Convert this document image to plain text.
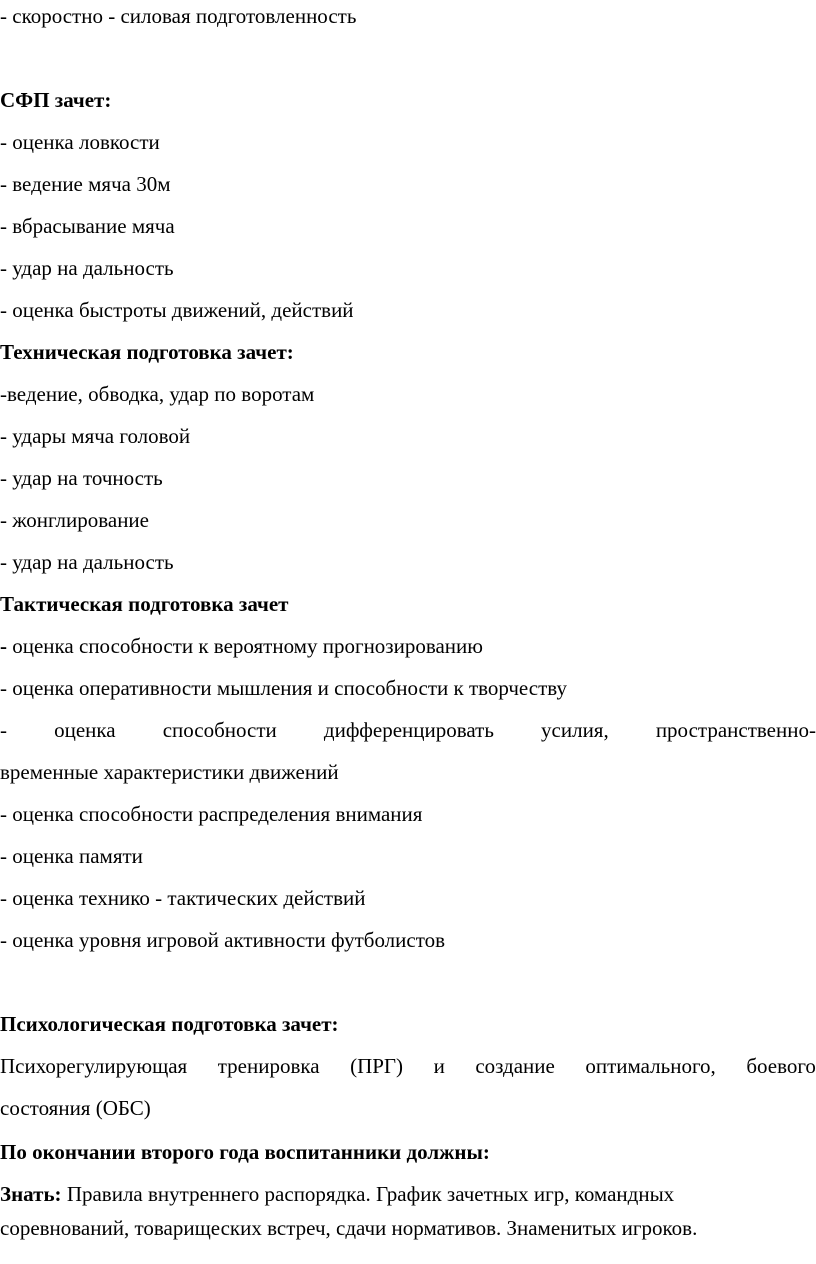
- скоростно - силовая подготовленность
СФП зачет:
- оценка ловкости
- ведение мяча 30м
- вбрасывание мяча
- удар на дальность
- оценка быстроты движений, действий
Техническая подготовка зачет:
-ведение, обводка, удар по воротам
- удары мяча головой
- удар на точность
- жонглирование
- удар на дальность
Тактическая подготовка зачет
- оценка способности к вероятному прогнозированию
- оценка оперативности мышления и способности к творчеству
- оценка способности дифференцировать усилия, пространственно-
временные характеристики движений
- оценка способности распределения внимания
- оценка памяти
- оценка технико - тактических действий
- оценка уровня игровой активности футболистов
Психологическая подготовка зачет:
Психорегулирующая тренировка (ПРГ) и создание оптимального, боевого
состояния (ОБС)
По окончании второго года воспитанники должны:
Знать: Правила внутреннего распорядка. График зачетных игр, командных
соревнований, товарищеских встреч, сдачи нормативов. Знаменитых игроков.
